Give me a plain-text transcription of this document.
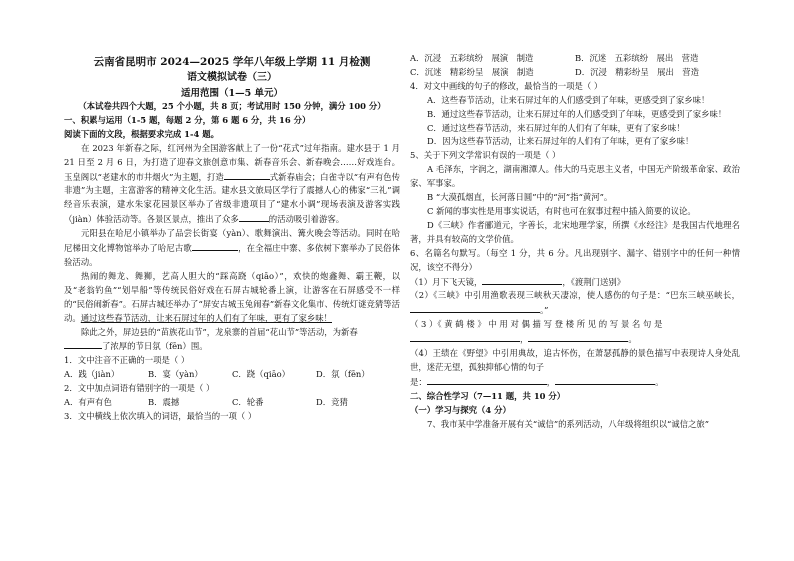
云南省昆明市 2024—2025 学年八年级上学期 11 月检测
语文模拟试卷（三）
适用范围（1—5 单元）

（本试卷共四个大题，25 个小题，共 8 页；考试用时 150 分钟，满分 100 分）

一、积累与运用（1-5 题，每题 2 分，第 6 题 6 分，共 16 分）

阅读下面的文段，根据要求完成 1-4 题。

在 2023 年新春之际，红河州为全国游客献上了一份“花式”过年指南。建水县于 1 月 21 日至 2 月 6 日，为打造了迎春文旅创意市集、新春音乐会、新春晚会……好戏连台。玉皇阁以“老建水的市井烟火”为主题，打造	式新春庙会；白雀寺以“有声有色传非遗”为主题，主富游客的精神文化生活。建水县文旅局区学行了震撼人心的佛家“三礼”调经音乐表演，建水朱家花园景区举办了省级非遗项目了“建水小调”现场表演及游客实践（jiàn）体验活动等。各景区景点，推出了众多	的活动吸引着游客。

元阳县在哈尼小镇举办了品尝长街宴（yàn）、歌舞演出、篝火晚会等活动。同时在哈尼梯田文化博物馆举办了哈尼古歌	，在全福庄中寨、多依树下寨举办了民俗体验活动。

热闹的舞龙、舞狮，艺高人胆大的“踩高跷（qiāo）”，欢快的炮鑫舞、霸王鞭，以及“老翁钓鱼”“划旱船”等传统民俗好戏在石屏古城轮番上演，让游客在石屏感受不一样的“民俗闹新春”。石屏古城还举办了“屏安古城玉兔闹春”新春文化集市、传统灯谜竞猜等活动。通过这些春节活动，让来石屏过年的人们有了年味，更有了家乡味！

除此之外，屏边县的“苗族花山节”，龙泉寨的首届“花山节”等活动，为新春
了浓厚的节日氛（fēn）围。

1．文中注音不正确的一项是（ ）

A．践（jiàn）	B．宴（yàn）	C．跷（qiāo）	D．氛（fēn）

2．文中加点词语有错别字的一项是（ ）

A．有声有色	B．震撼	C．轮番	D．竞猜

3．文中横线上依次填入的词语，最恰当的一项（ ）

A．沉浸　 五彩缤纷　 展演　 制造	B．沉迷　 五彩缤纷　 展出　 营造
C．沉迷　 精彩纷呈　 展演　 制造	D．沉浸　 精彩纷呈　 展出　 营造

4．对文中画线的句子的修改，最恰当的一项是（ ）

A．这些春节活动，让来石屏过年的人们感受到了年味，更感受到了家乡味！

B．通过这些春节活动，让来石屏过年的人们感受到了年味，更感受到了家乡味！

C．通过这些春节活动，来石屏过年的人们有了年味，更有了家乡味！

D．因为这些春节活动，让来石屏过年的人们有了年味，更有了家乡味！

5、关于下列文学常识有误的一项是（ ）

A 毛泽东，字润之，湖南湘潭人。伟大的马克思主义者，中国无产阶级革命家、政治家、军事家。

B “大漠孤烟直，长河落日圆”中的“河”指“黄河”。

C 新闻的事实性是用事实说话，有时也可在叙事过程中插入简要的议论。

D《三峡》作者郦道元，字善长，北宋地理学家，所撰《水经注》是我国古代地理名著，并具有较高的文学价值。

6、名篇名句默写。（每空 1 分，共 6 分。凡出现别字、漏字、错别字中的任何一种情况，该空不得分）

（1）月下飞天镜，	，《渡荆门送别》

（2）《三峡》中引用渔歌表现三峡秋天凄凉，使人感伤的句子是：“巴东三峡巫峡长，。”

（ 3 ）《 黄 鹤 楼 》 中 用 对 偶 描 写 登 楼 所 见 的 写 景 名 句 是

，	。

（4）王绩在《野望》中引用典故，追古怀伤，在萧瑟孤静的景色描写中表现诗人身处乱世，迷茫无望，孤独抑郁心情的句子

是：	，	。

二、综合性学习（7—11 题，共 10 分）

（一）学习与探究（4 分）

7、我市某中学准备开展有关“诚信”的系列活动，八年级将组织以“诚信之旅”
